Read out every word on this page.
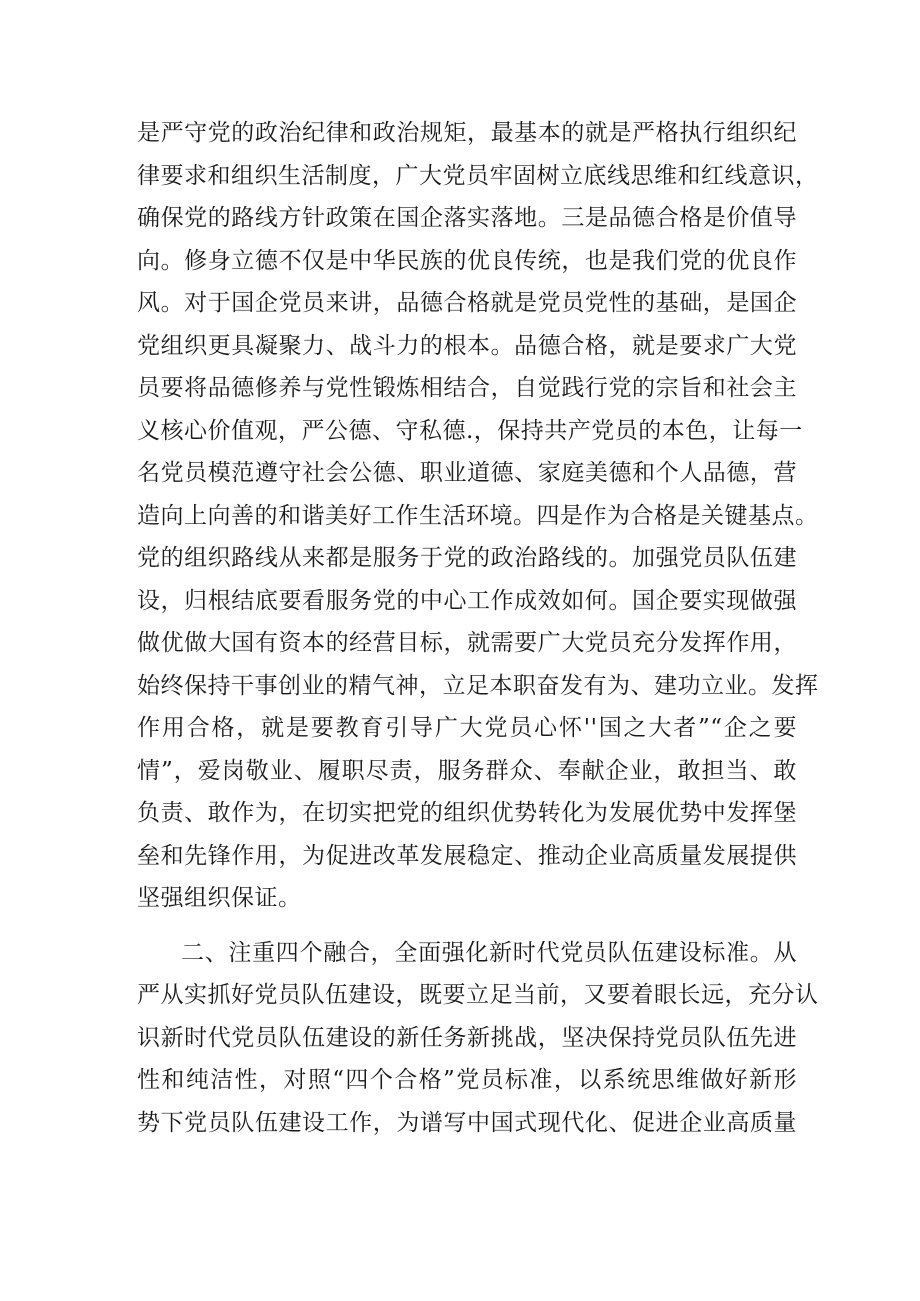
是严守党的政治纪律和政治规矩，最基本的就是严格执行组织纪
律要求和组织生活制度，广大党员牢固树立底线思维和红线意识，
确保党的路线方针政策在国企落实落地。三是品德合格是价值导
向。修身立德不仅是中华民族的优良传统，也是我们党的优良作
风。对于国企党员来讲，品德合格就是党员党性的基础，是国企
党组织更具凝聚力、战斗力的根本。品德合格，就是要求广大党
员要将品德修养与党性锻炼相结合，自觉践行党的宗旨和社会主
义核心价值观，严公德、守私德.，保持共产党员的本色，让每一
名党员模范遵守社会公德、职业道德、家庭美德和个人品德，营
造向上向善的和谐美好工作生活环境。四是作为合格是关键基点。
党的组织路线从来都是服务于党的政治路线的。加强党员队伍建
设，归根结底要看服务党的中心工作成效如何。国企要实现做强
做优做大国有资本的经营目标，就需要广大党员充分发挥作用，
始终保持干事创业的精气神，立足本职奋发有为、建功立业。发挥
作用合格，就是要教育引导广大党员心怀''国之大者”“企之要
情”，爱岗敬业、履职尽责，服务群众、奉献企业，敢担当、敢
负责、敢作为，在切实把党的组织优势转化为发展优势中发挥堡
垒和先锋作用，为促进改革发展稳定、推动企业高质量发展提供
坚强组织保证。
二、注重四个融合，全面强化新时代党员队伍建设标准。从
严从实抓好党员队伍建设，既要立足当前，又要着眼长远，充分认
识新时代党员队伍建设的新任务新挑战，坚决保持党员队伍先进
性和纯洁性，对照“四个合格”党员标准，以系统思维做好新形
势下党员队伍建设工作，为谱写中国式现代化、促进企业高质量
